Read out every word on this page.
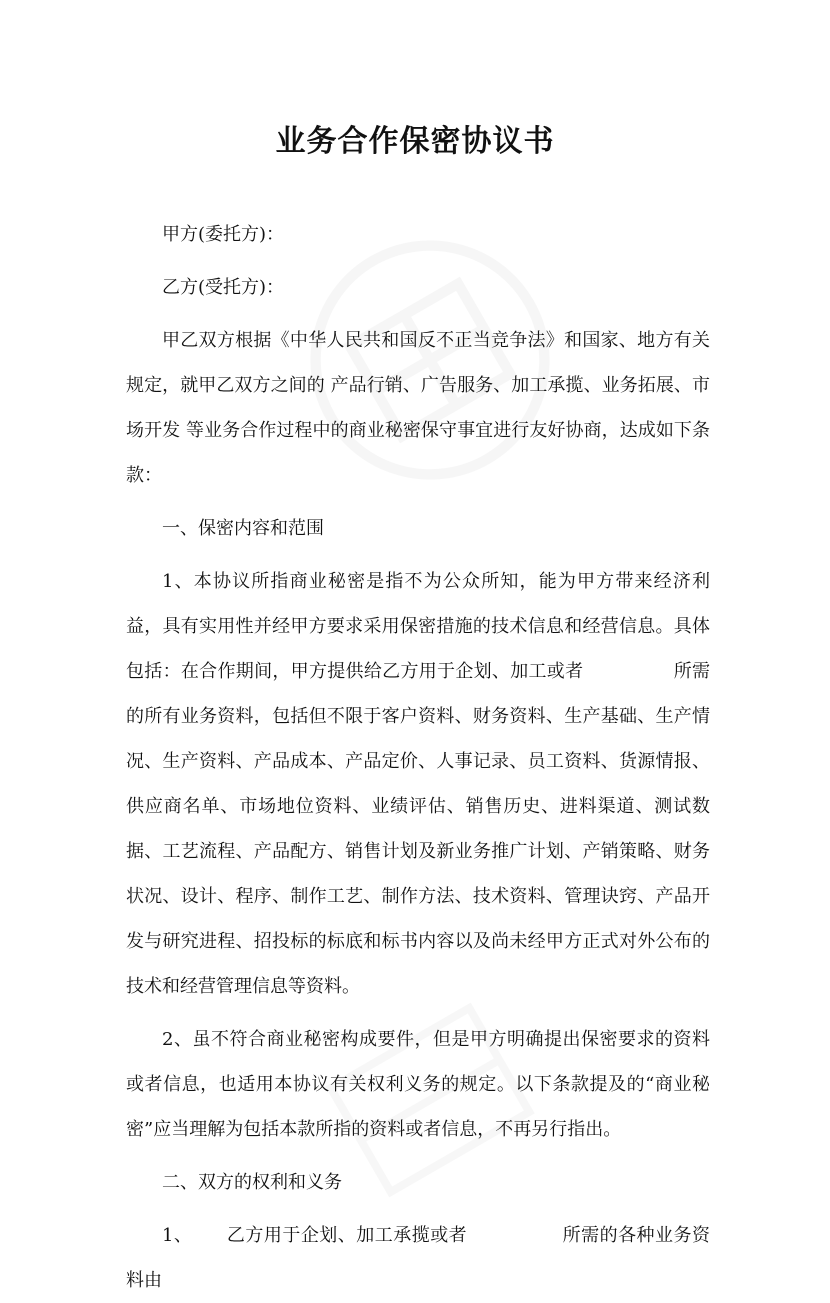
业务合作保密协议书

甲方(委托方)：

乙方(受托方)：

甲乙双方根据《中华人民共和国反不正当竞争法》和国家、地方有关规定，就甲乙双方之间的 产品行销、广告服务、加工承揽、业务拓展、市场开发 等业务合作过程中的商业秘密保守事宜进行友好协商，达成如下条款：

一、保密内容和范围

1、本协议所指商业秘密是指不为公众所知，能为甲方带来经济利益，具有实用性并经甲方要求采用保密措施的技术信息和经营信息。具体包括：在合作期间，甲方提供给乙方用于企划、加工或者	所需的所有业务资料，包括但不限于客户资料、财务资料、生产基础、生产情况、生产资料、产品成本、产品定价、人事记录、员工资料、货源情报、供应商名单、市场地位资料、业绩评估、销售历史、进料渠道、测试数据、工艺流程、产品配方、销售计划及新业务推广计划、产销策略、财务状况、设计、程序、制作工艺、制作方法、技术资料、管理诀窍、产品开发与研究进程、招投标的标底和标书内容以及尚未经甲方正式对外公布的技术和经营管理信息等资料。

2、虽不符合商业秘密构成要件，但是甲方明确提出保密要求的资料或者信息，也适用本协议有关权利义务的规定。以下条款提及的“商业秘密”应当理解为包括本款所指的资料或者信息，不再另行指出。

二、双方的权利和义务

1、 乙方用于企划、加工承揽或者	所需的各种业务资料由
